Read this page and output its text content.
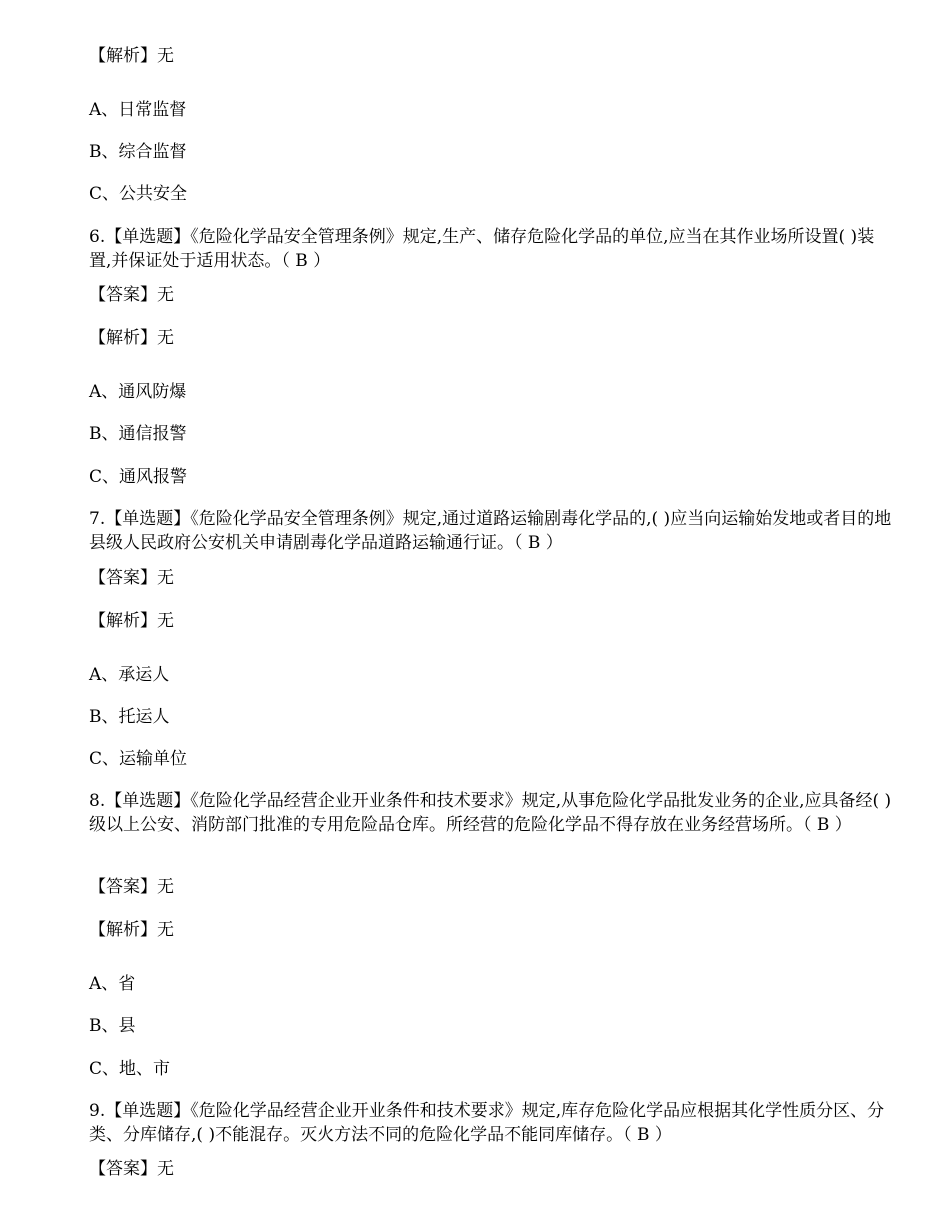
【解析】无
A、日常监督
B、综合监督
C、公共安全
6.【单选题】《危险化学品安全管理条例》规定,生产、储存危险化学品的单位,应当在其作业场所设置( )装置,并保证处于适用状态。（ B ）
【答案】无
【解析】无
A、通风防爆
B、通信报警
C、通风报警
7.【单选题】《危险化学品安全管理条例》规定,通过道路运输剧毒化学品的,( )应当向运输始发地或者目的地县级人民政府公安机关申请剧毒化学品道路运输通行证。（ B ）
【答案】无
【解析】无
A、承运人
B、托运人
C、运输单位
8.【单选题】《危险化学品经营企业开业条件和技术要求》规定,从事危险化学品批发业务的企业,应具备经( )级以上公安、消防部门批准的专用危险品仓库。所经营的危险化学品不得存放在业务经营场所。（ B ）
【答案】无
【解析】无
A、省
B、县
C、地、市
9.【单选题】《危险化学品经营企业开业条件和技术要求》规定,库存危险化学品应根据其化学性质分区、分类、分库储存,( )不能混存。灭火方法不同的危险化学品不能同库储存。（ B ）
【答案】无
